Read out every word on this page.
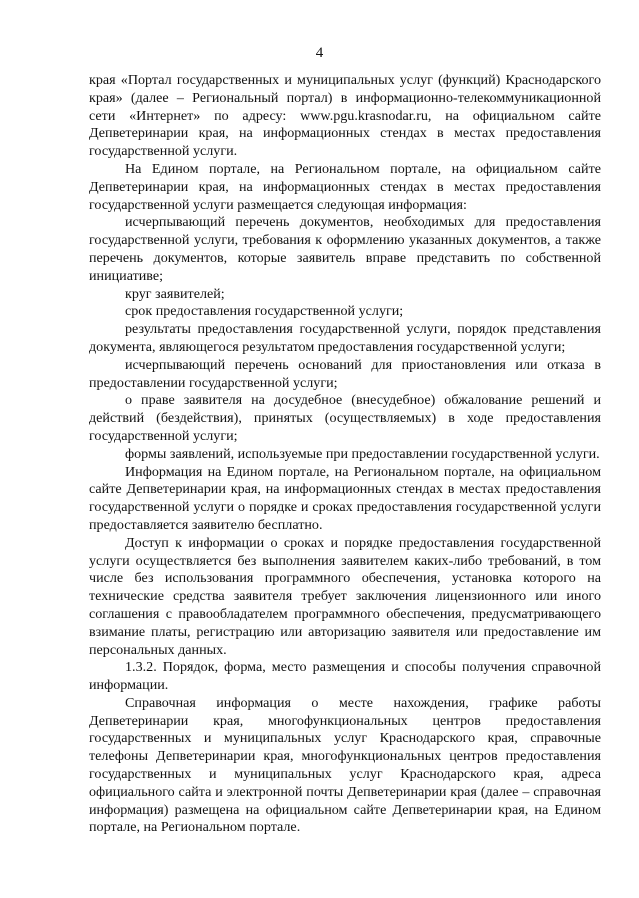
4

края «Портал государственных и муниципальных услуг (функций) Краснодарского края» (далее – Региональный портал) в информационно-телекоммуникационной сети «Интернет» по адресу: www.pgu.krasnodar.ru, на официальном сайте Депветеринарии края, на информационных стендах в местах предоставления государственной услуги.

На Едином портале, на Региональном портале, на официальном сайте Депветеринарии края, на информационных стендах в местах предоставления государственной услуги размещается следующая информация:

исчерпывающий перечень документов, необходимых для предоставления государственной услуги, требования к оформлению указанных документов, а также перечень документов, которые заявитель вправе представить по собственной инициативе;

круг заявителей;

срок предоставления государственной услуги;

результаты предоставления государственной услуги, порядок представления документа, являющегося результатом предоставления государственной услуги;

исчерпывающий перечень оснований для приостановления или отказа в предоставлении государственной услуги;

о праве заявителя на досудебное (внесудебное) обжалование решений и действий (бездействия), принятых (осуществляемых) в ходе предоставления государственной услуги;

формы заявлений, используемые при предоставлении государственной услуги.

Информация на Едином портале, на Региональном портале, на официальном сайте Депветеринарии края, на информационных стендах в местах предоставления государственной услуги о порядке и сроках предоставления государственной услуги предоставляется заявителю бесплатно.

Доступ к информации о сроках и порядке предоставления государственной услуги осуществляется без выполнения заявителем каких-либо требований, в том числе без использования программного обеспечения, установка которого на технические средства заявителя требует заключения лицензионного или иного соглашения с правообладателем программного обеспечения, предусматривающего взимание платы, регистрацию или авторизацию заявителя или предоставление им персональных данных.

1.3.2. Порядок, форма, место размещения и способы получения справочной информации.

Справочная информация о месте нахождения, графике работы Депветеринарии края, многофункциональных центров предоставления государственных и муниципальных услуг Краснодарского края, справочные телефоны Депветеринарии края, многофункциональных центров предоставления государственных и муниципальных услуг Краснодарского края, адреса официального сайта и электронной почты Депветеринарии края (далее – справочная информация) размещена на официальном сайте Депветеринарии края, на Едином портале, на Региональном портале.
